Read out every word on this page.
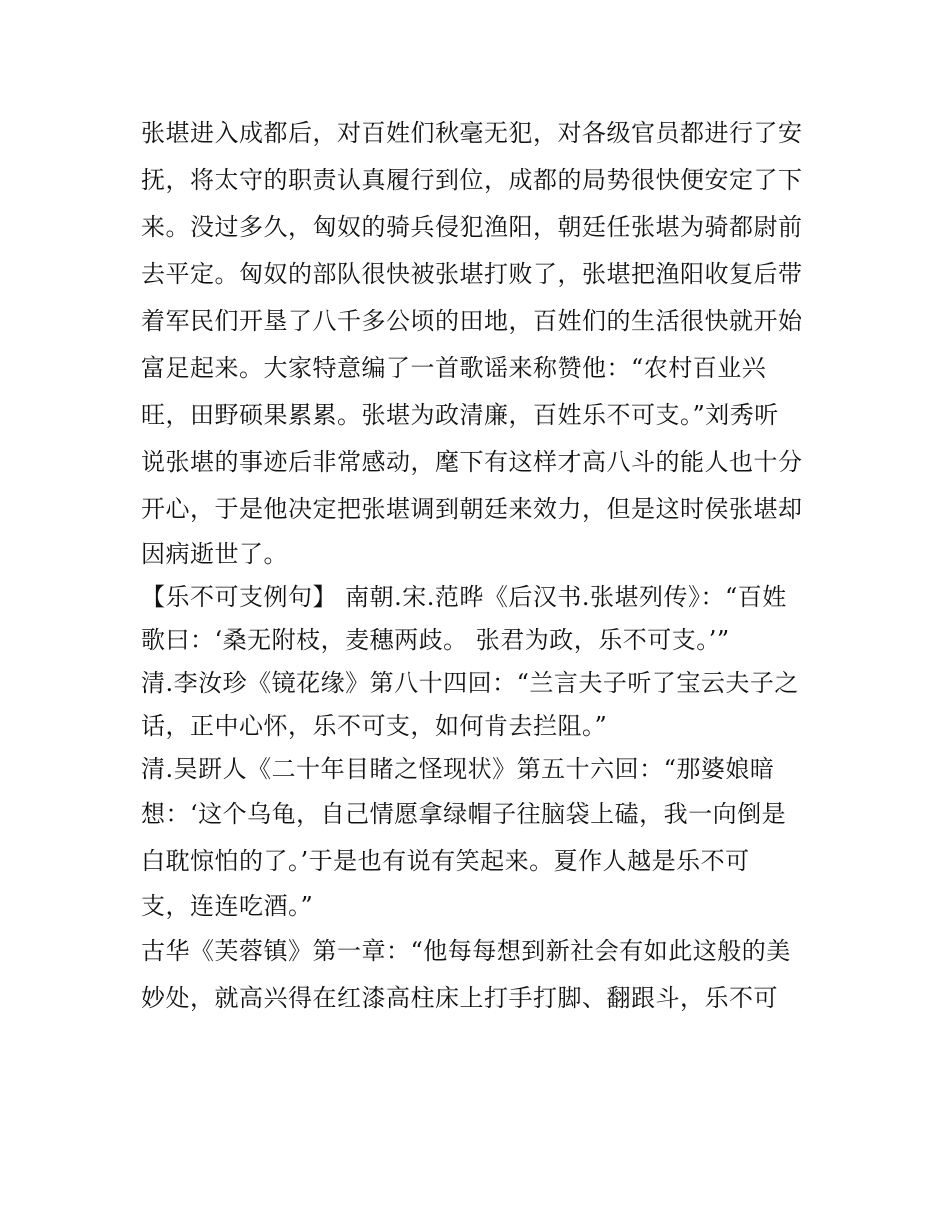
张堪进入成都后，对百姓们秋毫无犯，对各级官员都进行了安
抚，将太守的职责认真履行到位，成都的局势很快便安定了下
来。没过多久，匈奴的骑兵侵犯渔阳，朝廷任张堪为骑都尉前
去平定。匈奴的部队很快被张堪打败了，张堪把渔阳收复后带
着军民们开垦了八千多公顷的田地，百姓们的生活很快就开始
富足起来。大家特意编了一首歌谣来称赞他：“农村百业兴
旺，田野硕果累累。张堪为政清廉，百姓乐不可支。”刘秀听
说张堪的事迹后非常感动，麾下有这样才高八斗的能人也十分
开心，于是他决定把张堪调到朝廷来效力，但是这时侯张堪却
因病逝世了。
【乐不可支例句】 南朝.宋.范晔《后汉书.张堪列传》：“百姓
歌曰：‘桑无附枝，麦穗两歧。 张君为政，乐不可支。’”
清.李汝珍《镜花缘》第八十四回：“兰言夫子听了宝云夫子之
话，正中心怀，乐不可支，如何肯去拦阻。”
清.吴趼人《二十年目睹之怪现状》第五十六回：“那婆娘暗
想：‘这个乌龟，自己情愿拿绿帽子往脑袋上磕，我一向倒是
白耽惊怕的了。’于是也有说有笑起来。夏作人越是乐不可
支，连连吃酒。”
古华《芙蓉镇》第一章：“他每每想到新社会有如此这般的美
妙处，就高兴得在红漆高柱床上打手打脚、翻跟斗，乐不可
